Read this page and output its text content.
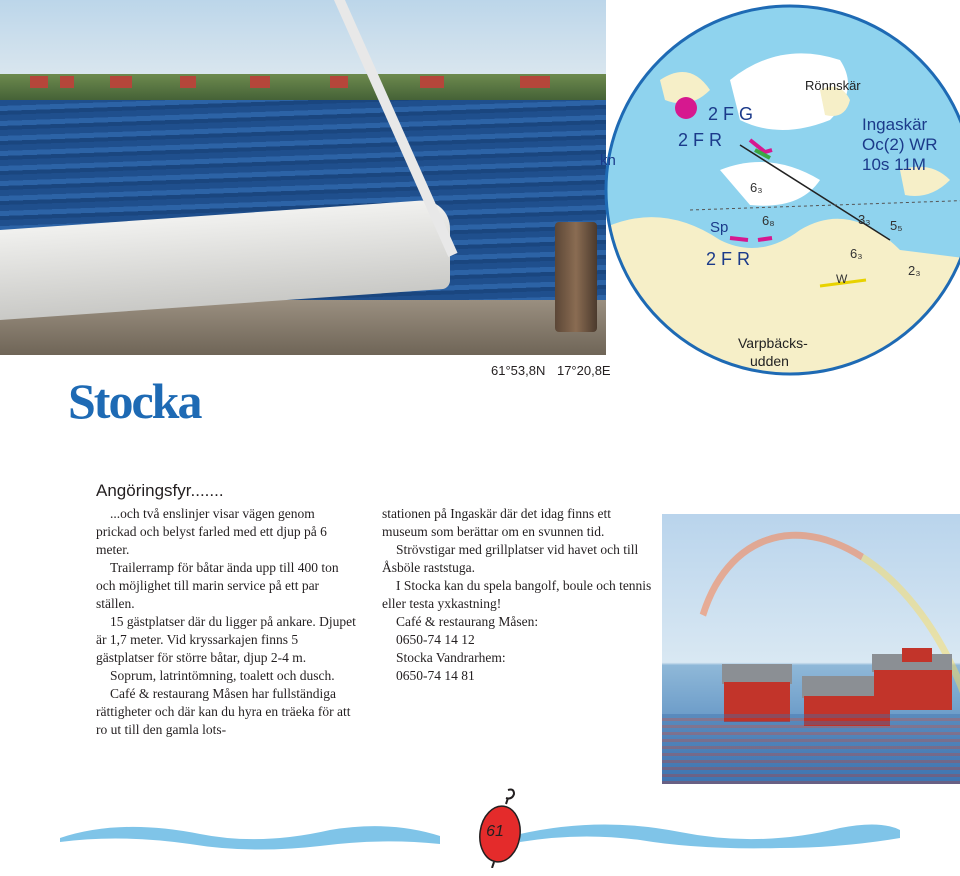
Rönnskär
Ingaskär
Oc(2) WR
10s 11M
2 F G
2 F R
2 F R
Sp
kn
W
6₃
6₈	3₃ 5₅
2₃
6₃
Varpbäcks-
udden
61°53,8N 17°20,8E
Stocka
Angöringsfyr.......

...och två enslinjer visar vägen genom prickad och belyst farled med ett djup på 6 meter.

Trailerramp för båtar ända upp till 400 ton och möjlighet till marin service på ett par ställen.

15 gästplatser där du ligger på ankare. Djupet är 1,7 meter. Vid kryssarkajen finns 5 gästplatser för större båtar, djup 2-4 m.

Soprum, latrintömning, toalett och dusch.

Café & restaurang Måsen har fullständiga rättigheter och där kan du hyra en träeka för att ro ut till den gamla lots-

stationen på Ingaskär där det idag finns ett museum som berättar om en svunnen tid.

Strövstigar med grillplatser vid havet och till Åsböle raststuga.

I Stocka kan du spela bangolf, boule och tennis eller testa yxkastning!

Café & restaurang Måsen:

0650-74 14 12

Stocka Vandrarhem:

0650-74 14 81

61
